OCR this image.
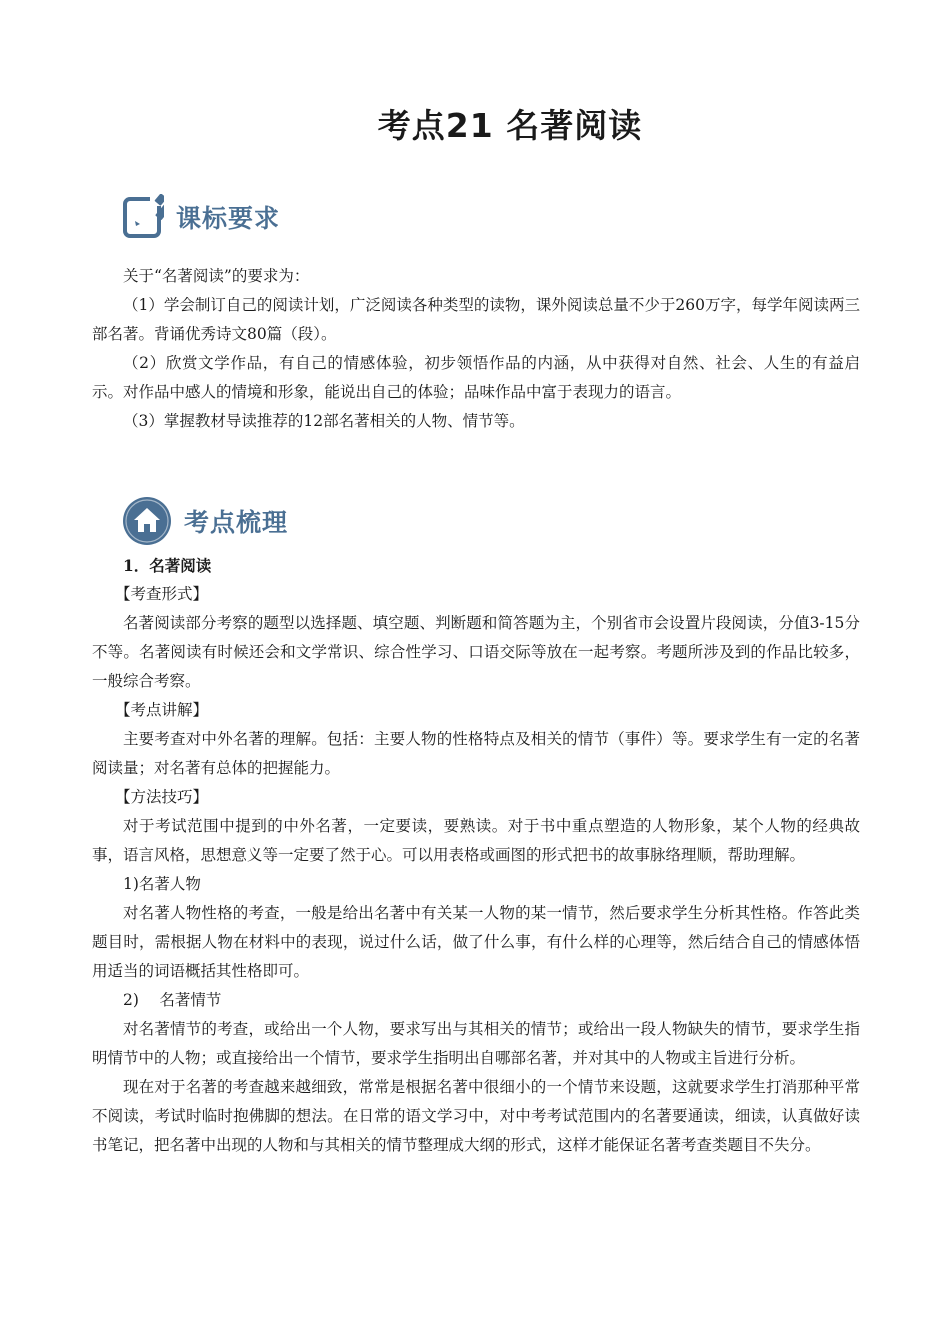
考点21 名著阅读
课标要求

关于“名著阅读”的要求为：

（1）学会制订自己的阅读计划，广泛阅读各种类型的读物，课外阅读总量不少于260万字，每学年阅读两三部名著。背诵优秀诗文80篇（段）。

（2）欣赏文学作品，有自己的情感体验，初步领悟作品的内涵，从中获得对自然、社会、人生的有益启示。对作品中感人的情境和形象，能说出自己的体验；品味作品中富于表现力的语言。

（3）掌握教材导读推荐的12部名著相关的人物、情节等。

考点梳理

1．名著阅读

【考查形式】

名著阅读部分考察的题型以选择题、填空题、判断题和简答题为主，个别省市会设置片段阅读，分值3-15分不等。名著阅读有时候还会和文学常识、综合性学习、口语交际等放在一起考察。考题所涉及到的作品比较多，一般综合考察。

【考点讲解】

主要考查对中外名著的理解。包括：主要人物的性格特点及相关的情节（事件）等。要求学生有一定的名著阅读量；对名著有总体的把握能力。

【方法技巧】

对于考试范围中提到的中外名著，一定要读，要熟读。对于书中重点塑造的人物形象，某个人物的经典故事，语言风格，思想意义等一定要了然于心。可以用表格或画图的形式把书的故事脉络理顺，帮助理解。

1)名著人物

对名著人物性格的考查，一般是给出名著中有关某一人物的某一情节，然后要求学生分析其性格。作答此类题目时，需根据人物在材料中的表现，说过什么话，做了什么事，有什么样的心理等，然后结合自己的情感体悟用适当的词语概括其性格即可。

2)　 名著情节

对名著情节的考查，或给出一个人物，要求写出与其相关的情节；或给出一段人物缺失的情节，要求学生指明情节中的人物；或直接给出一个情节，要求学生指明出自哪部名著，并对其中的人物或主旨进行分析。

现在对于名著的考查越来越细致，常常是根据名著中很细小的一个情节来设题，这就要求学生打消那种平常不阅读，考试时临时抱佛脚的想法。在日常的语文学习中，对中考考试范围内的名著要通读，细读，认真做好读书笔记，把名著中出现的人物和与其相关的情节整理成大纲的形式，这样才能保证名著考查类题目不失分。
